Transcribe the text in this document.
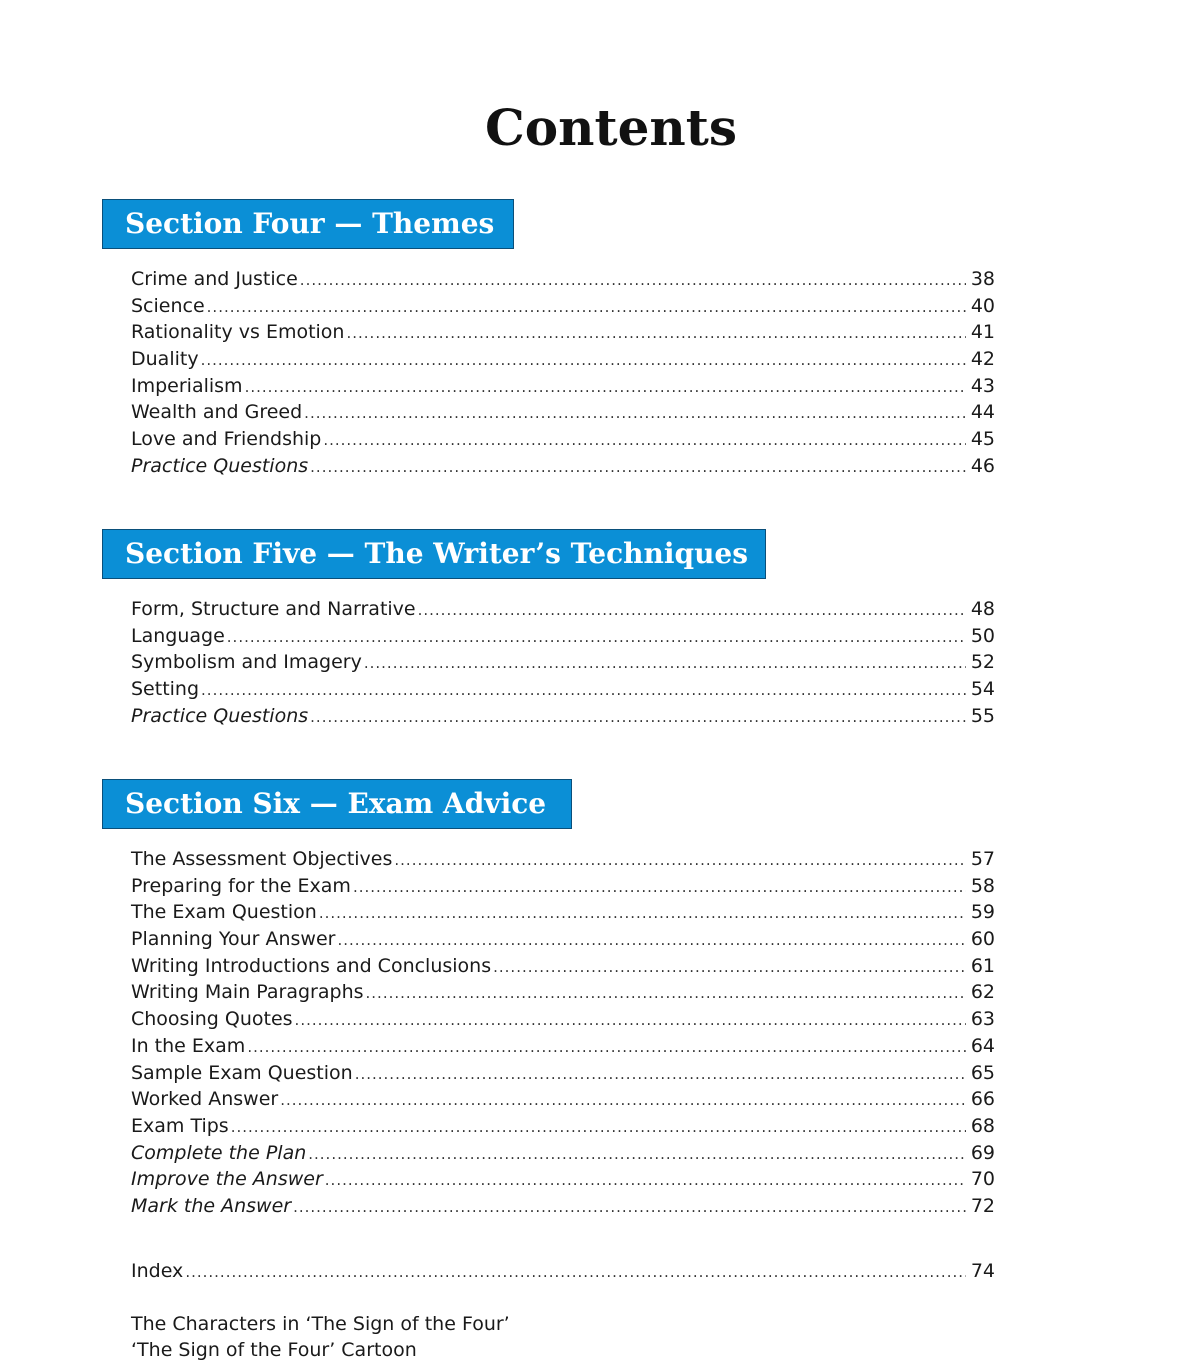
Contents
Section Four — Themes
Crime and Justice .....	38
Science .....	40
Rationality vs Emotion .....	41
Duality .....	42
Imperialism .....	43
Wealth and Greed .....	44
Love and Friendship .....	45
Practice Questions .....	46
Section Five — The Writer’s Techniques
Form, Structure and Narrative .....	48
Language .....	50
Symbolism and Imagery .....	52
Setting .....	54
Practice Questions .....	55
Section Six — Exam Advice
The Assessment Objectives .....	57
Preparing for the Exam .....	58
The Exam Question .....	59
Planning Your Answer .....	60
Writing Introductions and Conclusions .....	61
Writing Main Paragraphs .....	62
Choosing Quotes .....	63
In the Exam .....	64
Sample Exam Question .....	65
Worked Answer .....	66
Exam Tips .....	68
Complete the Plan .....	69
Improve the Answer .....	70
Mark the Answer .....	72
Index .....	74
The Characters in ‘The Sign of the Four’
‘The Sign of the Four’ Cartoon
